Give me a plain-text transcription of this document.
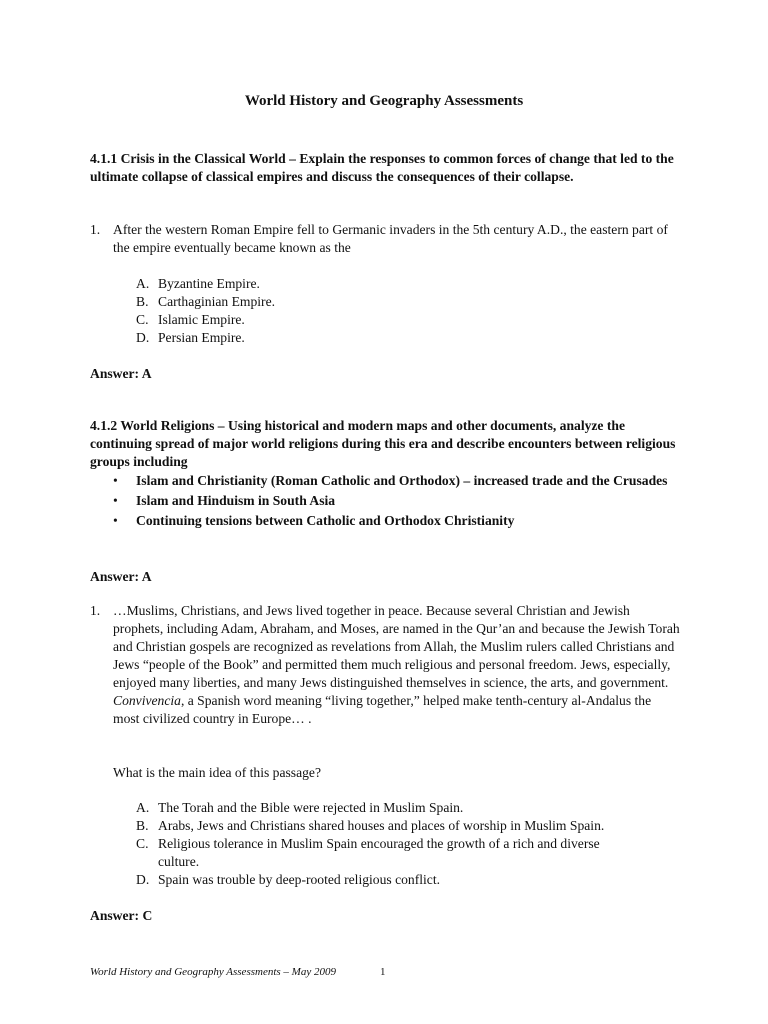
World History and Geography Assessments
4.1.1 Crisis in the Classical World – Explain the responses to common forces of change that led to the ultimate collapse of classical empires and discuss the consequences of their collapse.
1. After the western Roman Empire fell to Germanic invaders in the 5th century A.D., the eastern part of the empire eventually became known as the
A. Byzantine Empire.
B. Carthaginian Empire.
C. Islamic Empire.
D. Persian Empire.
Answer: A
4.1.2 World Religions – Using historical and modern maps and other documents, analyze the continuing spread of major world religions during this era and describe encounters between religious groups including
• Islam and Christianity (Roman Catholic and Orthodox) – increased trade and the Crusades
• Islam and Hinduism in South Asia
• Continuing tensions between Catholic and Orthodox Christianity
Answer: A
1. …Muslims, Christians, and Jews lived together in peace. Because several Christian and Jewish prophets, including Adam, Abraham, and Moses, are named in the Qur’an and because the Jewish Torah and Christian gospels are recognized as revelations from Allah, the Muslim rulers called Christians and Jews “people of the Book” and permitted them much religious and personal freedom. Jews, especially, enjoyed many liberties, and many Jews distinguished themselves in science, the arts, and government. Convivencia, a Spanish word meaning “living together,” helped make tenth-century al-Andalus the most civilized country in Europe… .
What is the main idea of this passage?
A. The Torah and the Bible were rejected in Muslim Spain.
B. Arabs, Jews and Christians shared houses and places of worship in Muslim Spain.
C. Religious tolerance in Muslim Spain encouraged the growth of a rich and diverse culture.
D. Spain was trouble by deep-rooted religious conflict.
Answer: C
World History and Geography Assessments – May 2009	1
